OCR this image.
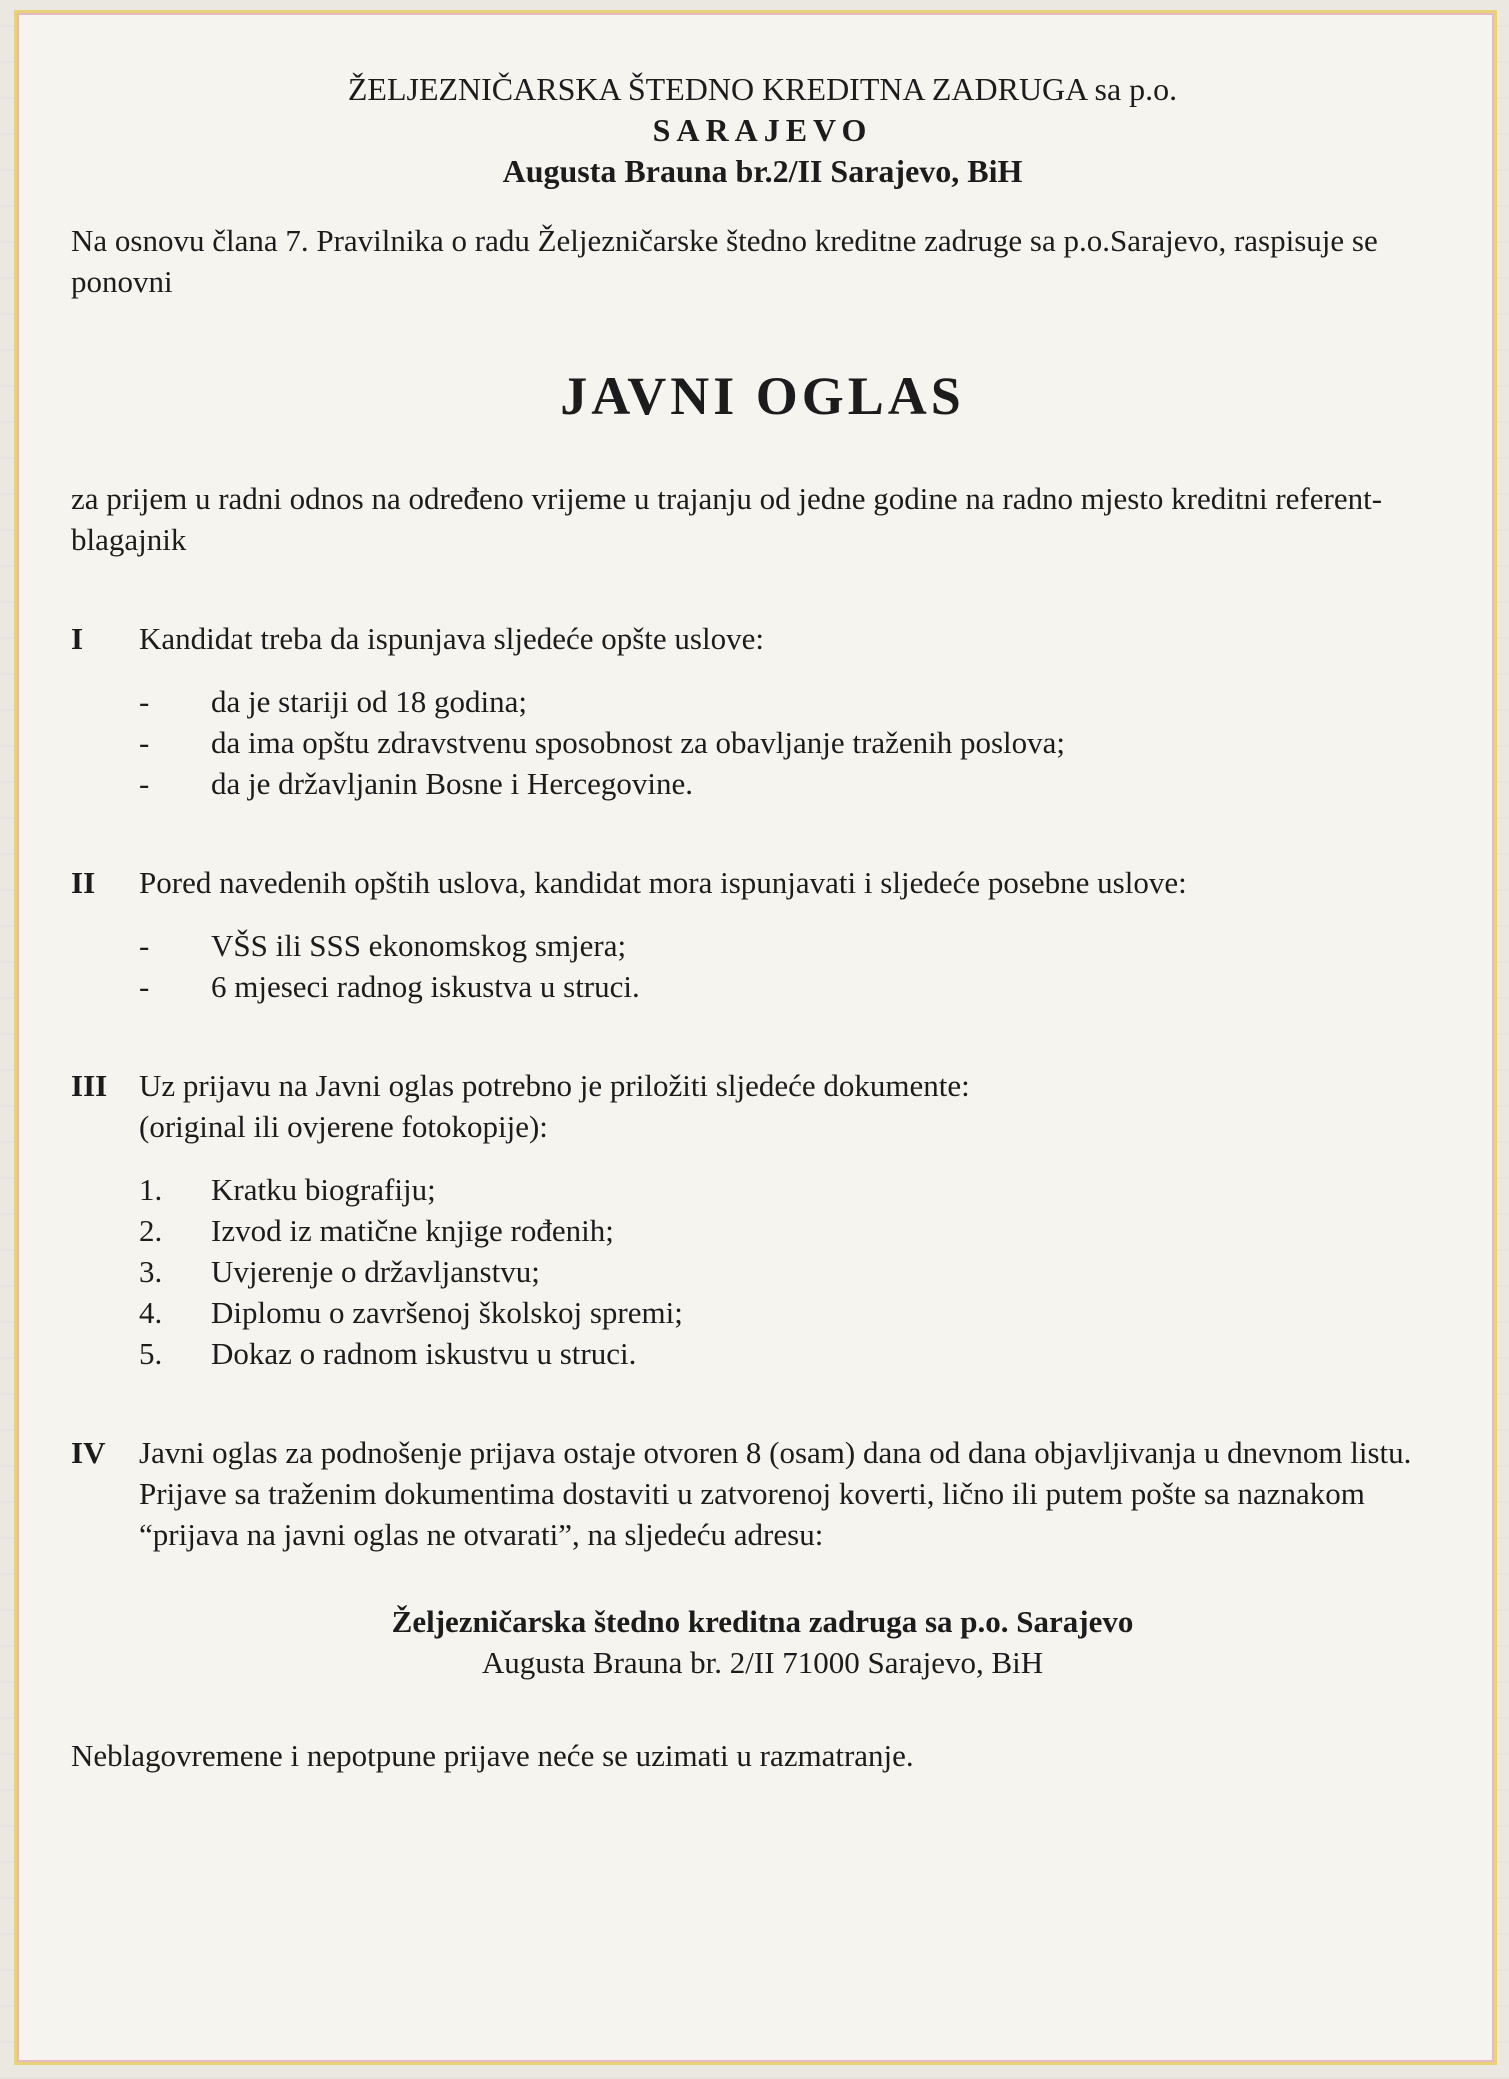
ŽELJEZNIČARSKA ŠTEDNO KREDITNA ZADRUGA sa p.o.
SARAJEVO
Augusta Brauna br.2/II Sarajevo, BiH
Na osnovu člana 7. Pravilnika o radu Željezničarske štedno kreditne zadruge sa p.o.Sarajevo, raspisuje se ponovni
JAVNI OGLAS
za prijem u radni odnos na određeno vrijeme u trajanju od jedne godine na radno mjesto kreditni referent-blagajnik
I	Kandidat treba da ispunjava sljedeće opšte uslove:
-	da je stariji od 18 godina;
-	da ima opštu zdravstvenu sposobnost za obavljanje traženih poslova;
-	da je državljanin Bosne i Hercegovine.
II	Pored navedenih opštih uslova, kandidat mora ispunjavati i sljedeće posebne uslove:
-	VŠS ili SSS ekonomskog smjera;
-	6 mjeseci radnog iskustva u struci.
III	Uz prijavu na Javni oglas potrebno je priložiti sljedeće dokumente:
(original ili ovjerene fotokopije):
1.	Kratku biografiju;
2.	Izvod iz matične knjige rođenih;
3.	Uvjerenje o državljanstvu;
4.	Diplomu o završenoj školskoj spremi;
5.	Dokaz o radnom iskustvu u struci.
IV	Javni oglas za podnošenje prijava ostaje otvoren 8 (osam) dana od dana objavljivanja u dnevnom listu. Prijave sa traženim dokumentima dostaviti u zatvorenoj koverti, lično ili putem pošte sa naznakom “prijava na javni oglas ne otvarati”, na sljedeću adresu:
Željezničarska štedno kreditna zadruga sa p.o. Sarajevo
Augusta Brauna br. 2/II 71000 Sarajevo, BiH
Neblagovremene i nepotpune prijave neće se uzimati u razmatranje.
